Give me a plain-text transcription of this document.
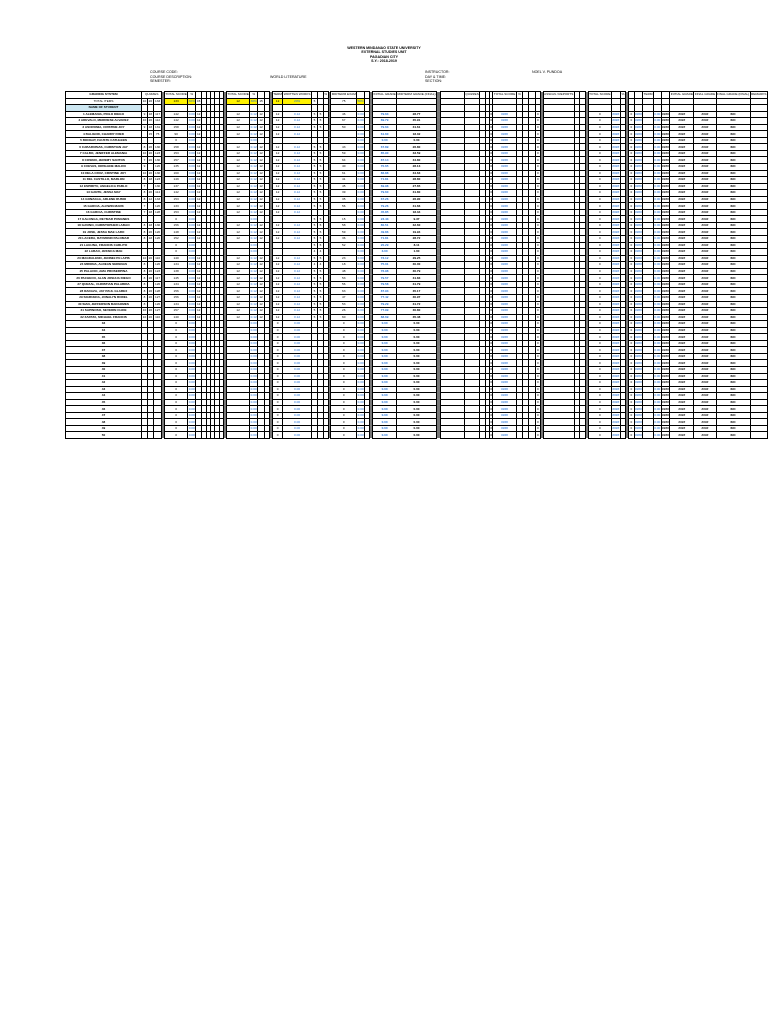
WESTERN MINDANAO STATE UNIVERSITY
EXTERNAL STUDIES UNIT
PAGADIAN CITY
S.Y.: 2018-2019
COURSE CODE:
COURSE DESCRIPTION:
SEMESTER:
WORLD LITERATURE
INSTRUCTOR:
DAY & TIME:
SECTION:
NOEL V. PUNDOA
GRADING SYSTEM	QUIZZES				TOTAL SCORE	%								TOTAL SCORE	%				TERM	WRITTEN WORKS			%		MIDTERM EXAM				INITIAL GRADE	MIDTERM GRADE (FINAL)			QUIZZES				TOTAL SCORE	%					ASSIGN / REPORTS				TOTAL SCORE		%				TERM			INITIAL GRADE	FINAL GRADE	FINAL GRADE (FINAL)	REMARKS
TOTAL ITEMS	10	20	133		133	30%	15							12	30%	15			12	20%	5				75	50%																																	
NAME OF STUDENT																																																											
1 ALEMANIA, PIOLO DIEGO	9	18	117		142	0.00	12							12	0.12	12			12	0.12	5	5			46	0.00			79.63	28.77						0	####				0						0	####			0	####		0.00	####	####	####	INC	
2 AREVALO, MERRIESE ALVAREZ	10	20	112		142	0.00	12							12	0.12	12			12	0.12	5	5			67	0.00			89.79	35.91						0	####				0						0	####			0	####		0.00	####	####	####	INC	
3 ASCRONIA, CRISTINE JOY	9	18	131		158	0.00	12							12	0.12	12			12	0.12	5	5			50	0.00			79.63	31.61						0	####				0						0	####			0	####		0.00	####	####	####	INC	
4 BALIGOD, CHARRY FRED		15	75		90	0.00	12							12	0.12	12			12	0.12						0.00			61.60	18.02						0	####				0						0	####			0	####		0.00	####	####	####	INC	
5 BONGAT, FAUSTE CATHLEEN					0	0.00									0.00											0.00			0.00	0.00						0	####				0						0	####			0	####		0.00	####	####	####	INC	
6 CABARUBIAS, CHRISTIAN JAY	8	20	130		158	0.00	12							12	0.12	12			12	0.12	5	5			43	0.00			67.89	26.80						0	####				0						0	####			0	####		0.00	####	####	####	INC	
7 CALBO, JENIFFER ALEMANIA	10	20	123		153	0.00	12							12	0.12	12			12	0.12	5	5			59	0.00			85.90	33.59						0	####				0						0	####			0	####		0.00	####	####	####	INC	
8 COSINO, JEREMY SANTOS	7	20	130		157	0.00	12							12	0.12	12			12	0.12	5	5			64	0.00			87.14	34.80						0	####				0						0	####			0	####		0.00	####	####	####	INC	
9 CUEVAS, KRISLENE MALDO	9		126		135	0.00	12							12	0.12	12			12	0.12	5	5			40	0.00			70.65	28.13						0	####				0						0	####			0	####		0.00	####	####	####	INC	
10 DELA CRUZ, CRISTINE JOY	10	20	130		160	0.00	12							12	0.12	12			12	0.12	5	5			61	0.00			86.88	34.63						0	####				0						0	####			0	####		0.00	####	####	####	INC	
11 DEL CASTILLO, MARLON	8	18	123		149	0.00	12							12	0.12	12			12	0.12	5	5			41	0.00			71.81	28.80						0	####				0						0	####			0	####		0.00	####	####	####	INC	
12 ESPIRITU, ANGELICA PABLO	7		130		137	0.00	12							12	0.12	12			12	0.12	5	5			45	0.00			69.98	27.65						0	####				0						0	####			0	####		0.00	####	####	####	INC	
13 GANTE, JESSA MAY	8	20	114		142	0.00	12							12	0.12	12			12	0.12	5	5			39	0.00			79.60	31.80						0	####				0						0	####			0	####		0.00	####	####	####	INC	
14 GONZAGA, ARLENE RUBIO	8	12	133		153	0.00	12							12	0.12	12			12	0.12	5	5			35	0.00			67.26	26.90						0	####				0						0	####			0	####		0.00	####	####	####	INC	
15 GARCIA, ALDWIN MARK	7		126		133	0.00	12							12	0.12	12			12	0.12	5	5			56	0.00			79.26	31.66						0	####				0						0	####			0	####		0.00	####	####	####	INC	
16 GARCIA, CHRISTINE	7	18	128		153	0.00	12							12	0.12	12			12	0.12						0.00			45.85	18.34						0	####				0						0	####			0	####		0.00	####	####	####	INC	
17 GALONGA, REYMAR PUMANES					0	0.00									0.00						5	5			15	0.00			23.43	9.37						0	####				0						0	####			0	####		0.00	####	####	####	INC	
18 GAVINO, CHRISTOPHER LABAO	8	18	130		156	0.00	12							12	0.12	12			12	0.12	5	5			58	0.00			80.51	32.60						0	####				0						0	####			0	####		0.00	####	####	####	INC	
19 JOSE, JESSA MAE LARO	8	20	120		148	0.00	12							12	0.12	12			12	0.12	5	5			59	0.00			49.86	19.94						0	####				0						0	####			0	####		0.00	####	####	####	INC	
20 LACERA, RAYMOND PALOMAR	8	18	126		152	0.00	12							12	0.12	12			12	0.12	5	5			36	0.00			71.81	28.72						0	####				0						0	####			0	####		0.00	####	####	####	INC	
21 LAGUNA, FRANCIS CARLITO					0	0.00									0.00						5	5			52	0.00			20.29	8.11						0	####				0						0	####			0	####		0.00	####	####	####	INC	
22 LABAO, JESSICA MAE					0	0.00									0.00						4	4				0.00			3.00	1.60						0	####				0						0	####			0	####		0.00	####	####	####	INC	
23 MAGDALENO, JENNELYN LAPIS	10	20	110		140	0.00	12							12	0.12	12			12	0.12	5	5			23	0.00			73.12	29.25						0	####				0						0	####			0	####		0.00	####	####	####	INC	
24 MIRONA, ALDEAN SERENAS	8		126		134	0.00	12							12	0.12	12			12	0.12	4	4			18	0.00			75.01	30.00						0	####				0						0	####			0	####		0.00	####	####	####	INC	
25 PALACIO, AMA PROSERPINA	8	20	123		138	0.00	12							12	0.12	12			12	0.12	5	5			48	0.00			76.98	30.79						0	####				0						0	####			0	####		0.00	####	####	####	INC	
26 PACHECO, ALAN JOSHUA DIEGO	8	20	117		145	0.00	12							12	0.12	12			12	0.12	5	5			53	0.00			79.57	31.83						0	####				0						0	####			0	####		0.00	####	####	####	INC	
27 QUEZAL, CHRISTIAN PALABRIA	8		126		134	0.00	12							12	0.12	12			12	0.12	5	5			56	0.00			79.58	31.79						0	####				0						0	####			0	####		0.00	####	####	####	INC	
28 RADAZA, JAY PAUL GLAREX	8	20	128		156	0.00	12							12	0.12	12			12	0.12	5	5			63	0.00			87.93	35.17						0	####				0						0	####			0	####		0.00	####	####	####	INC	
29 SIGRUEDA, JONALYN RODEL	8	20	127		156	0.00	12							12	0.12	12			12	0.12	5	5			47	0.00			77.42	30.97						0	####				0						0	####			0	####		0.00	####	####	####	INC	
30 SIAN, JEFFERSON BARAOMES	8		126		134	0.00	12							12	0.12	12			12	0.12	5	5			53	0.00			79.29	31.72						0	####				0						0	####			0	####		0.00	####	####	####	INC	
31 SAPINOSO, SEVERIN CLIDE	10	20	127		157	0.00	12							12	0.12	12			12	0.12	5	5			26	0.00			77.99	30.80						0	####				0						0	####			0	####		0.00	####	####	####	INC	
32 ZAPATA, MICHAEL FRANCIS	10	20	110		140	0.00	12							12	0.12	12			12	0.12	5	5			60	0.00			88.69	35.48						0	####				0						0	####			0	####		0.00	####	####	####	INC	
33					0	0.00									0.00				0	0.00					0	0.00			0.00	0.00						0	####				0						0	####			0	####		0.00	####	####	####	INC	
34					0	0.00									0.00				0	0.00					0	0.00			0.00	0.00						0	####				0						0	####			0	####		0.00	####	####	####	INC	
35					0	0.00									0.00				0	0.00					0	0.00			0.00	0.00						0	####				0						0	####			0	####		0.00	####	####	####	INC	
36					0	0.00									0.00				0	0.00					0	0.00			0.00	0.00						0	####				0						0	####			0	####		0.00	####	####	####	INC	
37					0	0.00									0.00				0	0.00					0	0.00			0.00	0.00						0	####				0						0	####			0	####		0.00	####	####	####	INC	
38					0	0.00									0.00				0	0.00					0	0.00			0.00	0.00						0	####				0						0	####			0	####		0.00	####	####	####	INC	
39					0	0.00									0.00				0	0.00					0	0.00			0.00	0.00						0	####				0						0	####			0	####		0.00	####	####	####	INC	
40					0	0.00									0.00				0	0.00					0	0.00			0.00	0.00						0	####				0						0	####			0	####		0.00	####	####	####	INC	
41					0	0.00									0.00				0	0.00					0	0.00			0.00	0.00						0	####				0						0	####			0	####		0.00	####	####	####	INC	
42					0	0.00									0.00				0	0.00					0	0.00			0.00	0.00						0	####				0						0	####			0	####		0.00	####	####	####	INC	
43					0	0.00									0.00				0	0.00					0	0.00			0.00	0.00						0	####				0						0	####			0	####		0.00	####	####	####	INC	
44					0	0.00									0.00				0	0.00					0	0.00			0.00	0.00						0	####				0						0	####			0	####		0.00	####	####	####	INC	
45					0	0.00									0.00				0	0.00					0	0.00			0.00	0.00						0	####				0						0	####			0	####		0.00	####	####	####	INC	
46					0	0.00									0.00				0	0.00					0	0.00			0.00	0.00						0	####				0						0	####			0	####		0.00	####	####	####	INC	
47					0	0.00									0.00				0	0.00					0	0.00			0.00	0.00						0	####				0						0	####			0	####		0.00	####	####	####	INC	
48					0	0.00									0.00				0	0.00					0	0.00			0.00	0.00						0	####				0						0	####			0	####		0.00	####	####	####	INC	
49					0	0.00									0.00				0	0.00					0	0.00			0.00	0.00						0	####				0						0	####			0	####		0.00	####	####	####	INC	
50					0	0.00									0.00				0	0.00					0	0.00			0.00	0.00						0	####				0						0	####			0	####		0.00	####	####	####	INC	
